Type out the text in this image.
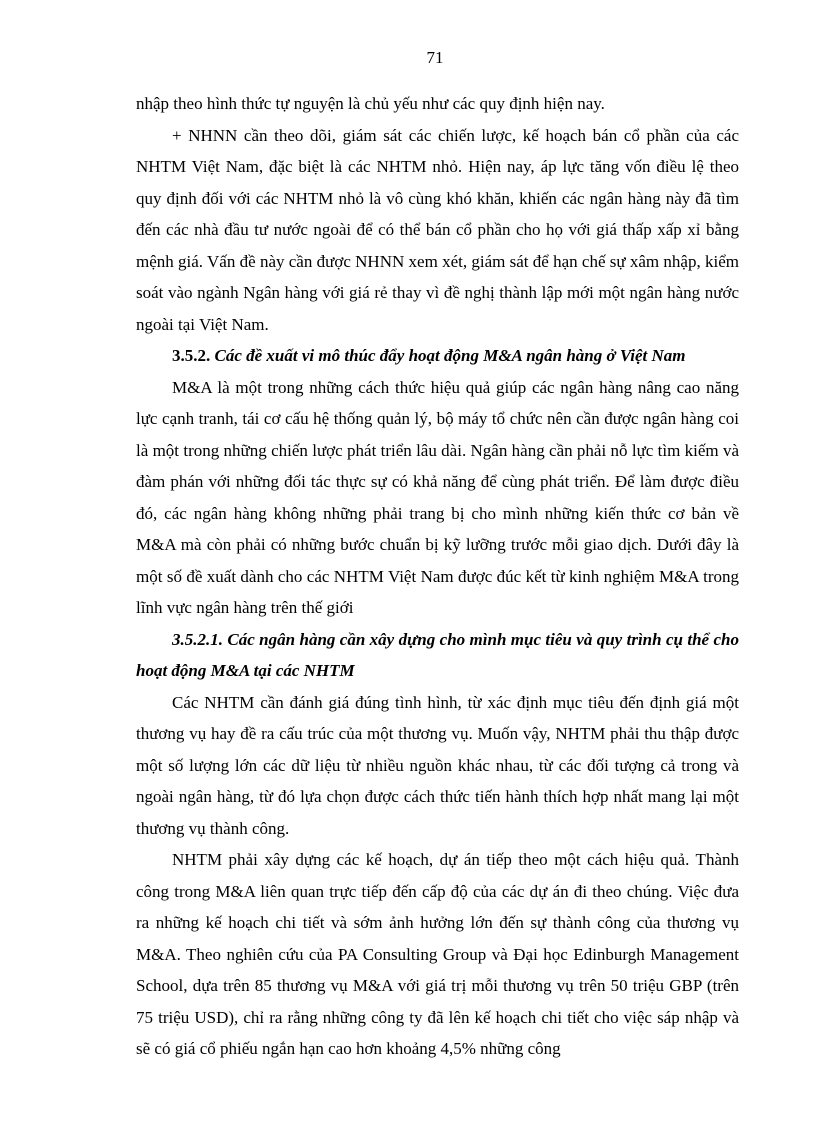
71

nhập theo hình thức tự nguyện là chủ yếu như các quy định hiện nay.

+ NHNN cần theo dõi, giám sát các chiến lược, kế hoạch bán cổ phần của các NHTM Việt Nam, đặc biệt là các NHTM nhỏ. Hiện nay, áp lực tăng vốn điều lệ theo quy định đối với các NHTM nhỏ là vô cùng khó khăn, khiến các ngân hàng này đã tìm đến các nhà đầu tư nước ngoài để có thể bán cổ phần cho họ với giá thấp xấp xỉ bằng mệnh giá. Vấn đề này cần được NHNN xem xét, giám sát để hạn chế sự xâm nhập, kiểm soát vào ngành Ngân hàng với giá rẻ thay vì đề nghị thành lập mới một ngân hàng nước ngoài tại Việt Nam.

3.5.2. Các đề xuất vi mô thúc đẩy hoạt động M&A ngân hàng ở Việt Nam

M&A là một trong những cách thức hiệu quả giúp các ngân hàng nâng cao năng lực cạnh tranh, tái cơ cấu hệ thống quản lý, bộ máy tổ chức nên cần được ngân hàng coi là một trong những chiến lược phát triển lâu dài. Ngân hàng cần phải nỗ lực tìm kiếm và đàm phán với những đối tác thực sự có khả năng để cùng phát triển. Để làm được điều đó, các ngân hàng không những phải trang bị cho mình những kiến thức cơ bản về M&A mà còn phải có những bước chuẩn bị kỹ lưỡng trước mỗi giao dịch. Dưới đây là một số đề xuất dành cho các NHTM Việt Nam được đúc kết từ kinh nghiệm M&A trong lĩnh vực ngân hàng trên thế giới

3.5.2.1. Các ngân hàng cần xây dựng cho mình mục tiêu và quy trình cụ thể cho hoạt động M&A tại các NHTM

Các NHTM cần đánh giá đúng tình hình, từ xác định mục tiêu đến định giá một thương vụ hay đề ra cấu trúc của một thương vụ. Muốn vậy, NHTM phải thu thập được một số lượng lớn các dữ liệu từ nhiều nguồn khác nhau, từ các đối tượng cả trong và ngoài ngân hàng, từ đó lựa chọn được cách thức tiến hành thích hợp nhất mang lại một thương vụ thành công.

NHTM phải xây dựng các kế hoạch, dự án tiếp theo một cách hiệu quả. Thành công trong M&A liên quan trực tiếp đến cấp độ của các dự án đi theo chúng. Việc đưa ra những kế hoạch chi tiết và sớm ảnh hưởng lớn đến sự thành công của thương vụ M&A. Theo nghiên cứu của PA Consulting Group và Đại học Edinburgh Management School, dựa trên 85 thương vụ M&A với giá trị mỗi thương vụ trên 50 triệu GBP (trên 75 triệu USD), chỉ ra rằng những công ty đã lên kế hoạch chi tiết cho việc sáp nhập và sẽ có giá cổ phiếu ngắn hạn cao hơn khoảng 4,5% những công
